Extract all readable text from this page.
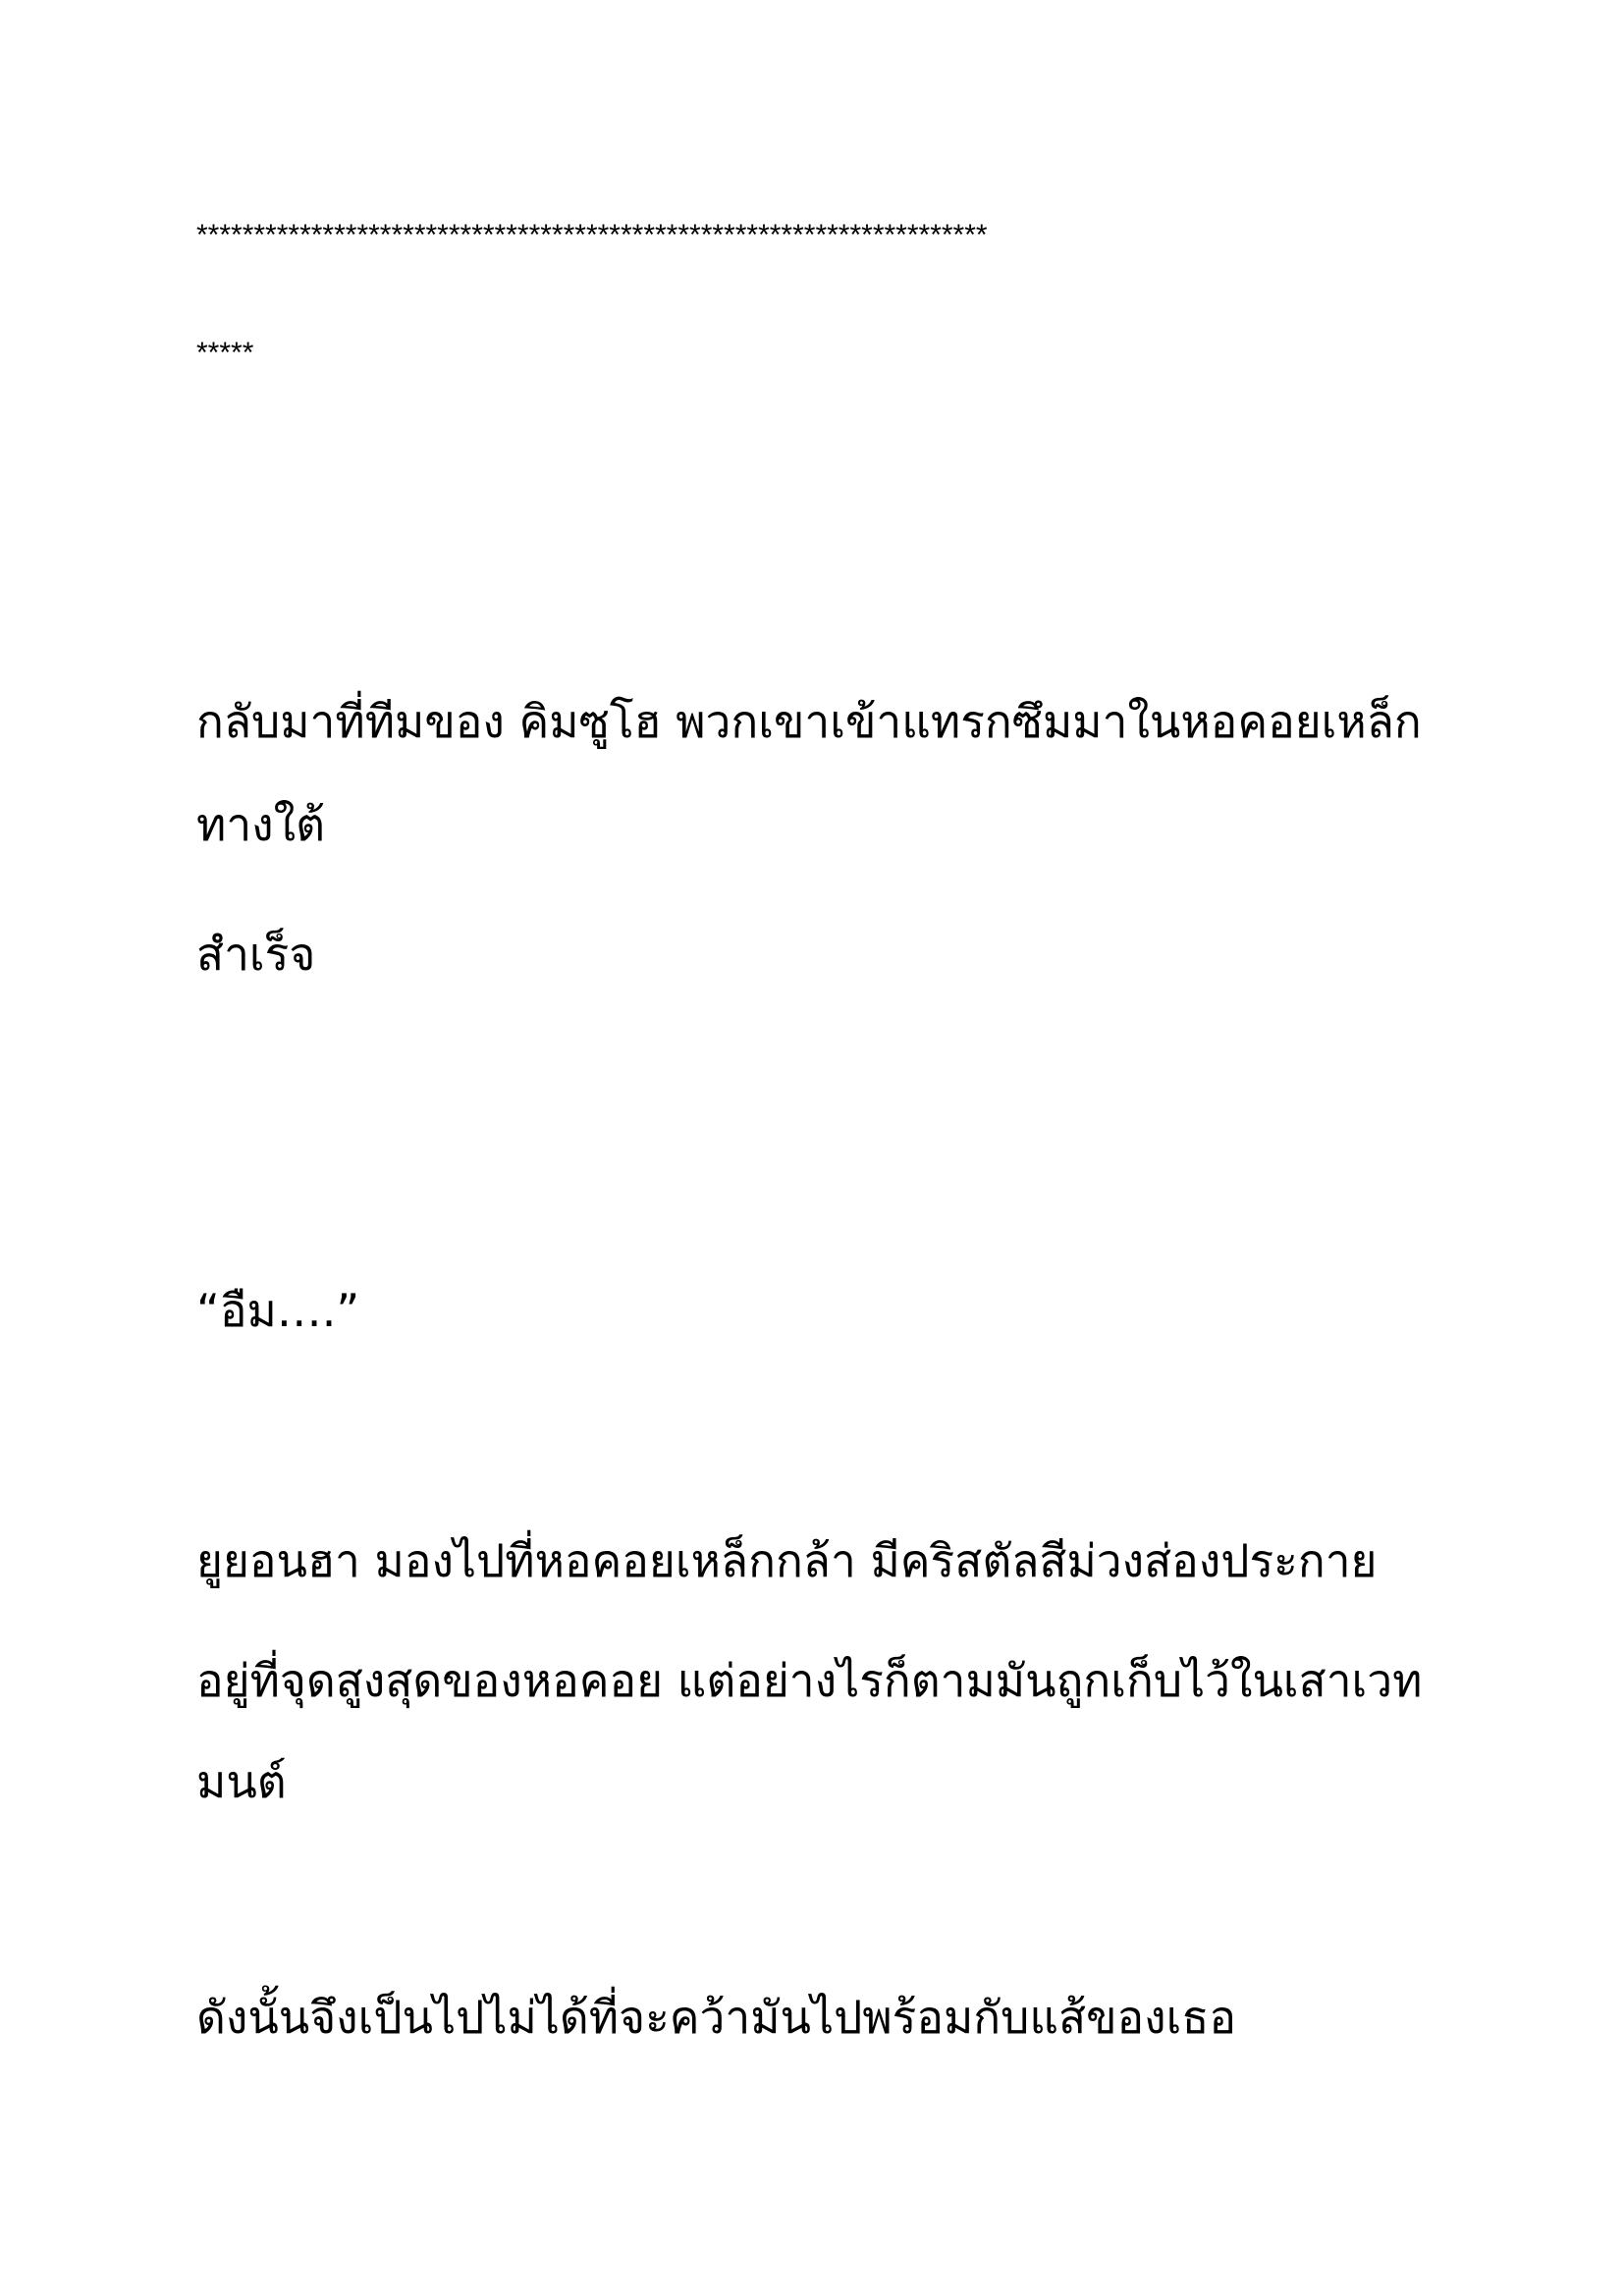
*********************************************************************
*****
กลับมาที่ทีมของ คิมซูโฮ พวกเขาเข้าแทรกซึมมาในหอคอยเหล็ก
ทางใต้
สำเร็จ
“อืม….”
ยูยอนฮา มองไปที่หอคอยเหล็กกล้า มีคริสตัลสีม่วงส่องประกาย
อยู่ที่จุดสูงสุดของหอคอย แต่อย่างไรก็ตามมันถูกเก็บไว้ในเสาเวท
มนต์
ดังนั้นจึงเป็นไปไม่ได้ที่จะคว้ามันไปพร้อมกับแส้ของเธอ
